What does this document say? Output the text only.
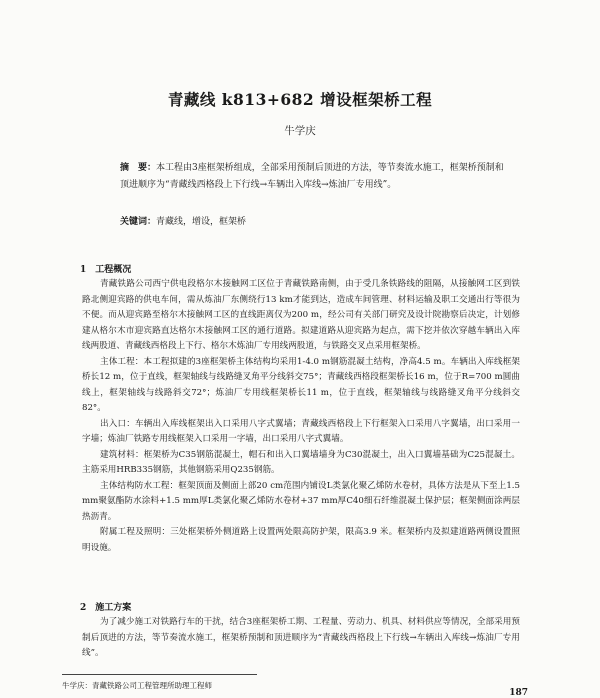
青藏线 k813+682 增设框架桥工程
牛学庆
摘　要：本工程由3座框架桥组成，全部采用预制后顶进的方法，等节奏流水施工，框架桥预制和顶进顺序为“青藏线西格段上下行线→车辆出入库线→炼油厂专用线”。
关键词：青藏线，增设，框架桥
1　工程概况

青藏铁路公司西宁供电段格尔木接触网工区位于青藏铁路南侧，由于受几条铁路线的阻隔，从接触网工区到铁路北侧迎宾路的供电车间，需从炼油厂东侧绕行13 km才能到达，造成车间管理、材料运输及职工交通出行等很为不便。而从迎宾路至格尔木接触网工区的直线距离仅为200 m，经公司有关部门研究及设计院勘察后决定，计划修建从格尔木市迎宾路直达格尔木接触网工区的通行道路。拟建道路从迎宾路为起点，需下挖并依次穿越车辆出入库线两股道、青藏线西格段上下行、格尔木炼油厂专用线两股道，与铁路交叉点采用框架桥。

主体工程：本工程拟建的3座框架桥主体结构均采用1-4.0 m钢筋混凝土结构，净高4.5 m。车辆出入库线框架桥长12 m，位于直线，框架轴线与线路缝叉角平分线斜交75°；青藏线西格段框架桥长16 m，位于R=700 m圆曲线上，框架轴线与线路斜交72°；炼油厂专用线框架桥长11 m，位于直线，框架轴线与线路缝叉角平分线斜交82°。

出入口：车辆出入库线框架出入口采用八字式翼墙；青藏线西格段上下行框架入口采用八字翼墙，出口采用一字墙；炼油厂铁路专用线框架入口采用一字墙，出口采用八字式翼墙。

建筑材料：框架桥为C35钢筋混凝土，帽石和出入口翼墙墙身为C30混凝土，出入口翼墙基础为C25混凝土。主筋采用HRB335钢筋，其他钢筋采用Q235钢筋。

主体结构防水工程：框架顶面及侧面上部20 cm范围内铺设L类氯化聚乙烯防水卷材，具体方法是从下至上1.5 mm聚氨酯防水涂料+1.5 mm厚L类氯化聚乙烯防水卷材+37 mm厚C40细石纤维混凝土保护层；框架侧面涂两层热沥青。

附属工程及照明：三处框架桥外侧道路上设置两处限高防护架，限高3.9 米。框架桥内及拟建道路两侧设置照明设施。

2　施工方案

为了减少施工对铁路行车的干扰，结合3座框架桥工期、工程量、劳动力、机具、材料供应等情况，全部采用预制后顶进的方法，等节奏流水施工，框架桥预制和顶进顺序为“青藏线西格段上下行线→车辆出入库线→炼油厂专用线”。

牛学庆：青藏铁路公司工程管理所助理工程师
187
